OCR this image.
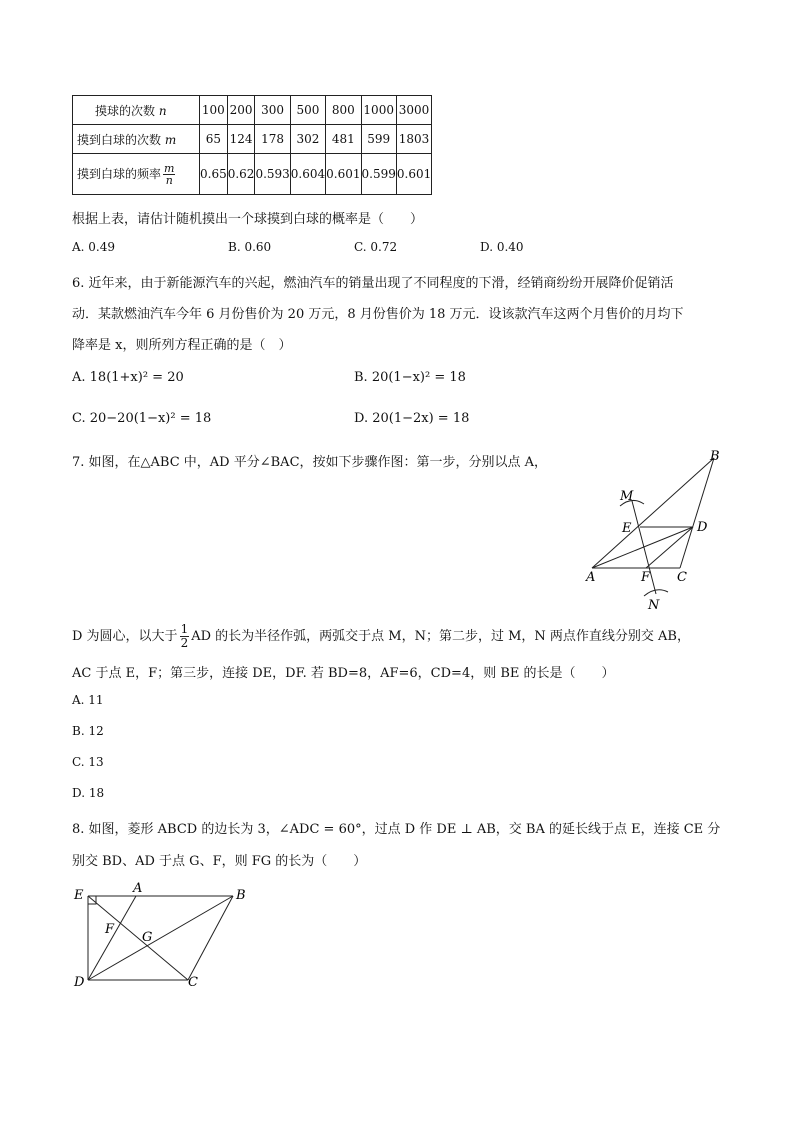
摸球的次数 n	100	200	300	500	800	1000	3000
摸到白球的次数 m	65	124	178	302	481	599	1803
摸到白球的频率 $\frac{m}{n}$	0.65	0.62	0.593	0.604	0.601	0.599	0.601
根据上表，请估计随机摸出一个球摸到白球的概率是（　　）
A. 0.49	B. 0.60	C. 0.72	D. 0.40
6. 近年来，由于新能源汽车的兴起，燃油汽车的销量出现了不同程度的下滑，经销商纷纷开展降价促销活
动．某款燃油汽车今年 6 月份售价为 20 万元，8 月份售价为 18 万元．设该款汽车这两个月售价的月均下
降率是 x，则所列方程正确的是（　）
A. 18(1+x)² = 20	B. 20(1−x)² = 18
C. 20−20(1−x)² = 18	D. 20(1−2x) = 18
7. 如图，在△ABC 中，AD 平分∠BAC，按如下步骤作图：第一步，分别以点 A，	B
M
E	D
A	F C
N
D 为圆心，以大于 $\frac{1}{2}$ AD 的长为半径作弧，两弧交于点 M，N；第二步，过 M，N 两点作直线分别交 AB，
AC 于点 E，F；第三步，连接 DE，DF. 若 BD=8，AF=6，CD=4，则 BE 的长是（　　）
A. 11
B. 12
C. 13
D. 18
8. 如图，菱形 ABCD 的边长为 3，∠ADC = 60°，过点 D 作 DE ⊥ AB，交 BA 的延长线于点 E，连接 CE 分
别交 BD、AD 于点 G、F，则 FG 的长为（　　）
E	A	B
F
G
D	C
